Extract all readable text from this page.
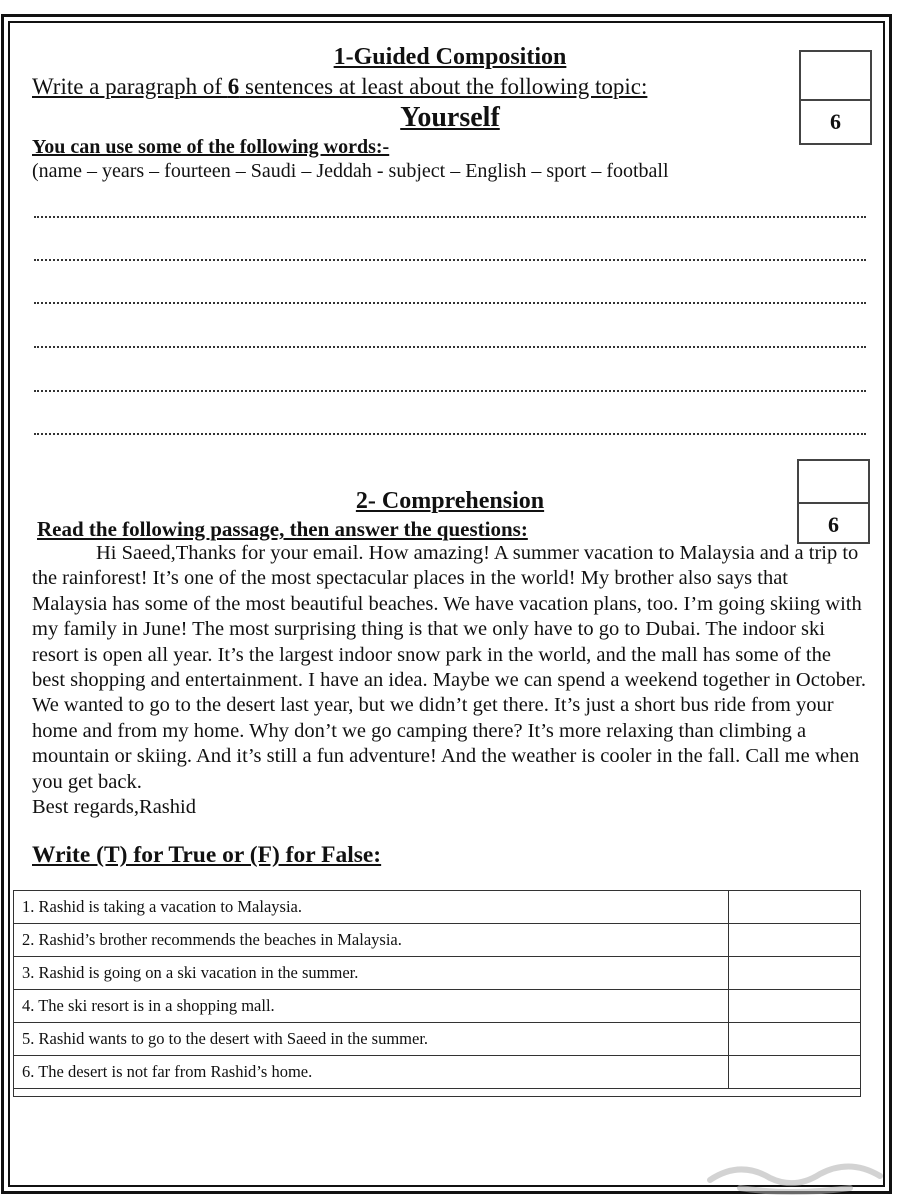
1-Guided Composition
Write a paragraph of 6 sentences at least about the following topic:
Yourself
You can use some of the following words:-
(name – years – fourteen – Saudi – Jeddah - subject – English – sport – football
6
2- Comprehension
Read the following passage, then answer the questions:	6

Hi Saeed,Thanks for your email. How amazing! A summer vacation to Malaysia and a trip to the rainforest! It’s one of the most spectacular places in the world! My brother also says that Malaysia has some of the most beautiful beaches. We have vacation plans, too. I’m going skiing with my family in June! The most surprising thing is that we only have to go to Dubai. The indoor ski resort is open all year. It’s the largest indoor snow park in the world, and the mall has some of the best shopping and entertainment. I have an idea. Maybe we can spend a weekend together in October. We wanted to go to the desert last year, but we didn’t get there. It’s just a short bus ride from your home and from my home. Why don’t we go camping there? It’s more relaxing than climbing a mountain or skiing. And it’s still a fun adventure! And the weather is cooler in the fall. Call me when you get back.

Best regards,Rashid

Write (T) for True or (F) for False:
1. Rashid is taking a vacation to Malaysia.	
2. Rashid’s brother recommends the beaches in Malaysia.	
3. Rashid is going on a ski vacation in the summer.	
4. The ski resort is in a shopping mall.	
5. Rashid wants to go to the desert with Saeed in the summer.	
6. The desert is not far from Rashid’s home.	
